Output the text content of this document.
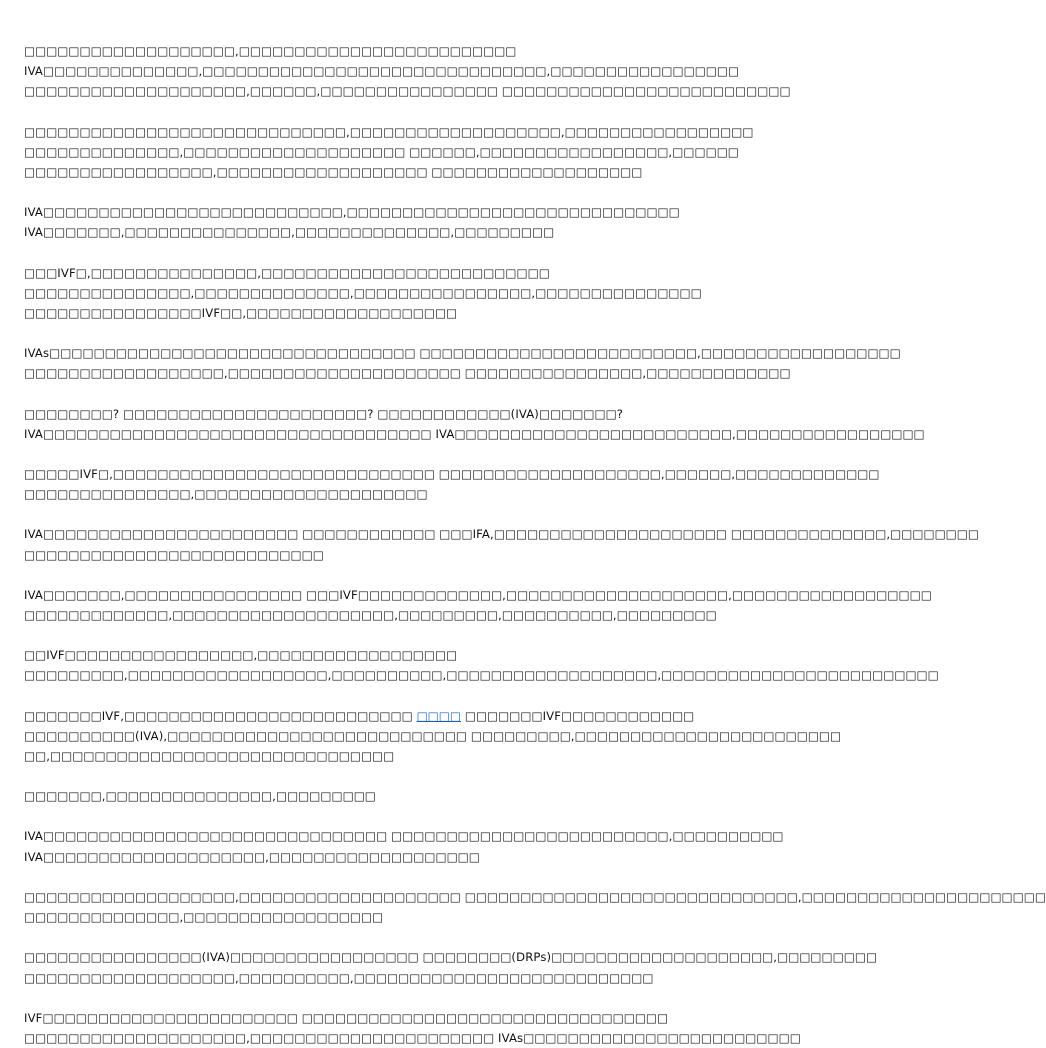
□□□□□□□□□□□□□□□□□□□,□□□□□□□□□□□□□□□□□□□□□□□□□
IVA□□□□□□□□□□□□□□,□□□□□□□□□□□□□□□□□□□□□□□□□□□□□□□,□□□□□□□□□□□□□□□□□
□□□□□□□□□□□□□□□□□□□□,□□□□□□,□□□□□□□□□□□□□□□□ □□□□□□□□□□□□□□□□□□□□□□□□□□
□□□□□□□□□□□□□□□□□□□□□□□□□□□□□,□□□□□□□□□□□□□□□□□□□,□□□□□□□□□□□□□□□□□
□□□□□□□□□□□□□□,□□□□□□□□□□□□□□□□□□□□ □□□□□□,□□□□□□□□□□□□□□□□□,□□□□□□
□□□□□□□□□□□□□□□□□,□□□□□□□□□□□□□□□□□□□ □□□□□□□□□□□□□□□□□□□
IVA□□□□□□□□□□□□□□□□□□□□□□□□□□□,□□□□□□□□□□□□□□□□□□□□□□□□□□□□□□
IVA□□□□□□□,□□□□□□□□□□□□□□□,□□□□□□□□□□□□□□,□□□□□□□□□
□□□IVF□,□□□□□□□□□□□□□□□,□□□□□□□□□□□□□□□□□□□□□□□□□□
□□□□□□□□□□□□□□□,□□□□□□□□□□□□□□,□□□□□□□□□□□□□□□□,□□□□□□□□□□□□□□□
□□□□□□□□□□□□□□□□IVF□□,□□□□□□□□□□□□□□□□□□□
IVAs□□□□□□□□□□□□□□□□□□□□□□□□□□□□□□□□□ □□□□□□□□□□□□□□□□□□□□□□□□□,□□□□□□□□□□□□□□□□□□
□□□□□□□□□□□□□□□□□□,□□□□□□□□□□□□□□□□□□□□□ □□□□□□□□□□□□□□□□,□□□□□□□□□□□□□
□□□□□□□□? □□□□□□□□□□□□□□□□□□□□□□? □□□□□□□□□□□□(IVA)□□□□□□□?
IVA□□□□□□□□□□□□□□□□□□□□□□□□□□□□□□□□□□□ IVA□□□□□□□□□□□□□□□□□□□□□□□□□,□□□□□□□□□□□□□□□□□
□□□□□IVF□,□□□□□□□□□□□□□□□□□□□□□□□□□□□□□ □□□□□□□□□□□□□□□□□□□□,□□□□□□,□□□□□□□□□□□□□
□□□□□□□□□□□□□□□,□□□□□□□□□□□□□□□□□□□□□
IVA□□□□□□□□□□□□□□□□□□□□□□□ □□□□□□□□□□□□ □□□IFA,□□□□□□□□□□□□□□□□□□□□□ □□□□□□□□□□□□□□,□□□□□□□□
□□□□□□□□□□□□□□□□□□□□□□□□□□□
IVA□□□□□□□,□□□□□□□□□□□□□□□□ □□□IVF□□□□□□□□□□□□□,□□□□□□□□□□□□□□□□□□□□,□□□□□□□□□□□□□□□□□□
□□□□□□□□□□□□□,□□□□□□□□□□□□□□□□□□□□,□□□□□□□□□,□□□□□□□□□□,□□□□□□□□□
□□IVF□□□□□□□□□□□□□□□□□,□□□□□□□□□□□□□□□□□□
□□□□□□□□□,□□□□□□□□□□□□□□□□□□,□□□□□□□□□□,□□□□□□□□□□□□□□□□□□□,□□□□□□□□□□□□□□□□□□□□□□□□□
□□□□□□□IVF,□□□□□□□□□□□□□□□□□□□□□□□□□□ □□□□ □□□□□□□IVF□□□□□□□□□□□□
□□□□□□□□□□(IVA),□□□□□□□□□□□□□□□□□□□□□□□□□□□ □□□□□□□□□,□□□□□□□□□□□□□□□□□□□□□□□□
□□,□□□□□□□□□□□□□□□□□□□□□□□□□□□□□□□
□□□□□□□,□□□□□□□□□□□□□□□,□□□□□□□□□
IVA□□□□□□□□□□□□□□□□□□□□□□□□□□□□□□□ □□□□□□□□□□□□□□□□□□□□□□□□□,□□□□□□□□□□
IVA□□□□□□□□□□□□□□□□□□□□,□□□□□□□□□□□□□□□□□□□
□□□□□□□□□□□□□□□□□□□,□□□□□□□□□□□□□□□□□□□□ □□□□□□□□□□□□□□□□□□□□□□□□□□□□□□,□□□□□□□□□□□□□□□□□□□□□□
□□□□□□□□□□□□□□,□□□□□□□□□□□□□□□□□□
□□□□□□□□□□□□□□□□(IVA)□□□□□□□□□□□□□□□□□ □□□□□□□□(DRPs)□□□□□□□□□□□□□□□□□□□□,□□□□□□□□□
□□□□□□□□□□□□□□□□□□□,□□□□□□□□□□,□□□□□□□□□□□□□□□□□□□□□□□□□□□
IVF□□□□□□□□□□□□□□□□□□□□□□□ □□□□□□□□□□□□□□□□□□□□□□□□□□□□□□□□□
□□□□□□□□□□□□□□□□□□□□,□□□□□□□□□□□□□□□□□□□□□□ IVAs□□□□□□□□□□□□□□□□□□□□□□□□□
